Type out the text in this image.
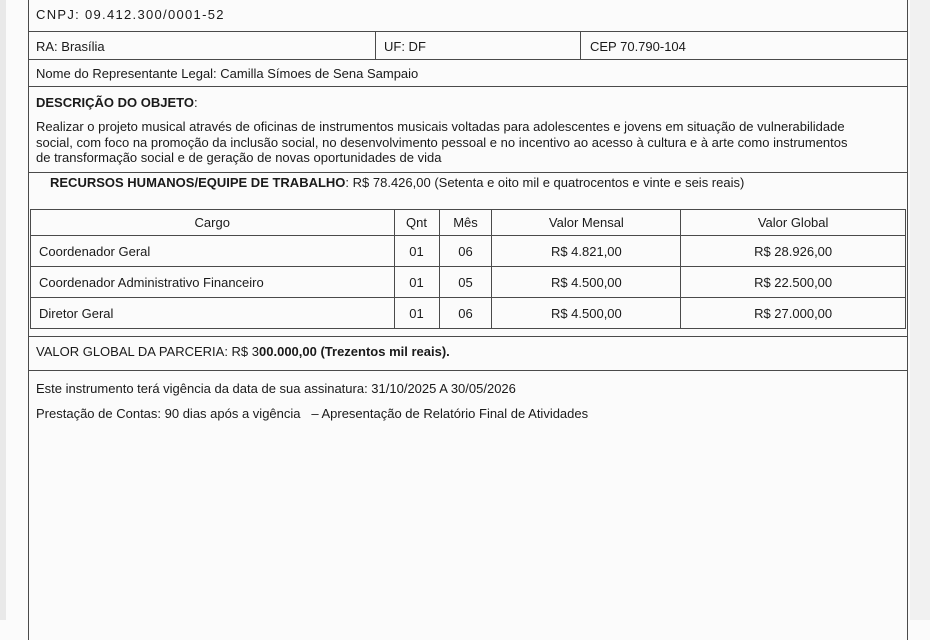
CNPJ: 09.412.300/0001-52
RA: Brasília	UF: DF	CEP 70.790-104
Nome do Representante Legal: Camilla Símoes de Sena Sampaio
DESCRIÇÃO DO OBJETO:
Realizar o projeto musical através de oficinas de instrumentos musicais voltadas para adolescentes e jovens em situação de vulnerabilidade
social, com foco na promoção da inclusão social, no desenvolvimento pessoal e no incentivo ao acesso à cultura e à arte como instrumentos
de transformação social e de geração de novas oportunidades de vida
RECURSOS HUMANOS/EQUIPE DE TRABALHO: R$ 78.426,00 (Setenta e oito mil e quatrocentos e vinte e seis reais)
Cargo	Qnt	Mês	Valor Mensal	Valor Global
Coordenador Geral	01	06	R$ 4.821,00	R$ 28.926,00
Coordenador Administrativo Financeiro	01	05	R$ 4.500,00	R$ 22.500,00
Diretor Geral	01	06	R$ 4.500,00	R$ 27.000,00
VALOR GLOBAL DA PARCERIA: R$ 300.000,00 (Trezentos mil reais).
Este instrumento terá vigência da data de sua assinatura: 31/10/2025 A 30/05/2026
Prestação de Contas: 90 dias após a vigência   – Apresentação de Relatório Final de Atividades
